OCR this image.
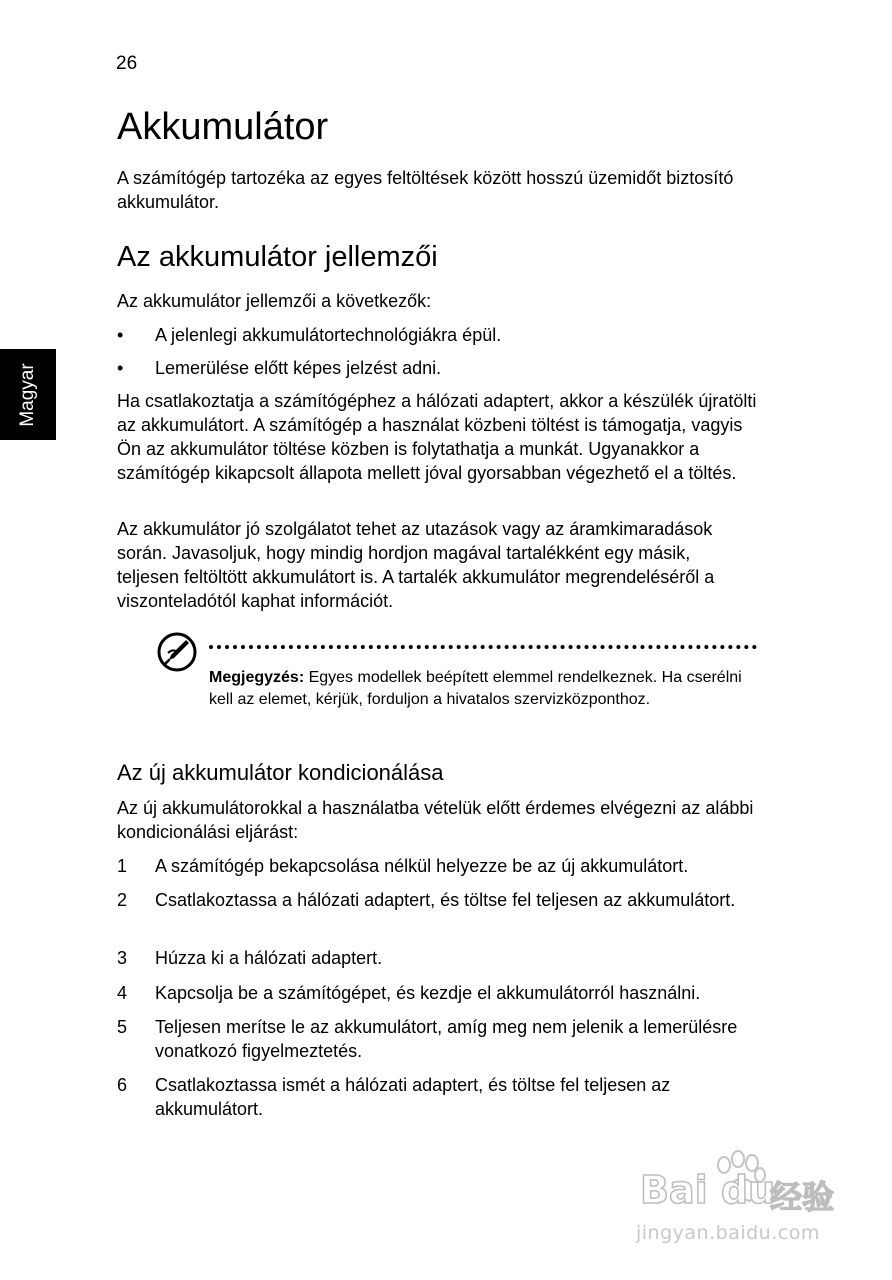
26
Magyar
Akkumulátor

A számítógép tartozéka az egyes feltöltések között hosszú üzemidőt biztosító akkumulátor.

Az akkumulátor jellemzői

Az akkumulátor jellemzői a következők:

• A jelenlegi akkumulátortechnológiákra épül.
• Lemerülése előtt képes jelzést adni.

Ha csatlakoztatja a számítógéphez a hálózati adaptert, akkor a készülék újratölti az akkumulátort. A számítógép a használat közbeni töltést is támogatja, vagyis Ön az akkumulátor töltése közben is folytathatja a munkát. Ugyanakkor a számítógép kikapcsolt állapota mellett jóval gyorsabban végezhető el a töltés.

Az akkumulátor jó szolgálatot tehet az utazások vagy az áramkimaradások során. Javasoljuk, hogy mindig hordjon magával tartalékként egy másik, teljesen feltöltött akkumulátort is. A tartalék akkumulátor megrendeléséről a viszonteladótól kaphat információt.

Az új akkumulátor kondicionálása

Az új akkumulátorokkal a használatba vételük előtt érdemes elvégezni az alábbi kondicionálási eljárást:

1 A számítógép bekapcsolása nélkül helyezze be az új akkumulátort.
2 Csatlakoztassa a hálózati adaptert, és töltse fel teljesen az akkumulátort.
3 Húzza ki a hálózati adaptert.
4 Kapcsolja be a számítógépet, és kezdje el akkumulátorról használni.
5 Teljesen merítse le az akkumulátort, amíg meg nem jelenik a lemerülésre vonatkozó figyelmeztetés.
6 Csatlakoztassa ismét a hálózati adaptert, és töltse fel teljesen az akkumulátort.
Megjegyzés: Egyes modellek beépített elemmel rendelkeznek. Ha cserélni kell az elemet, kérjük, forduljon a hivatalos szervizközponthoz.
Bai du
经验
jingyan.baidu.com
